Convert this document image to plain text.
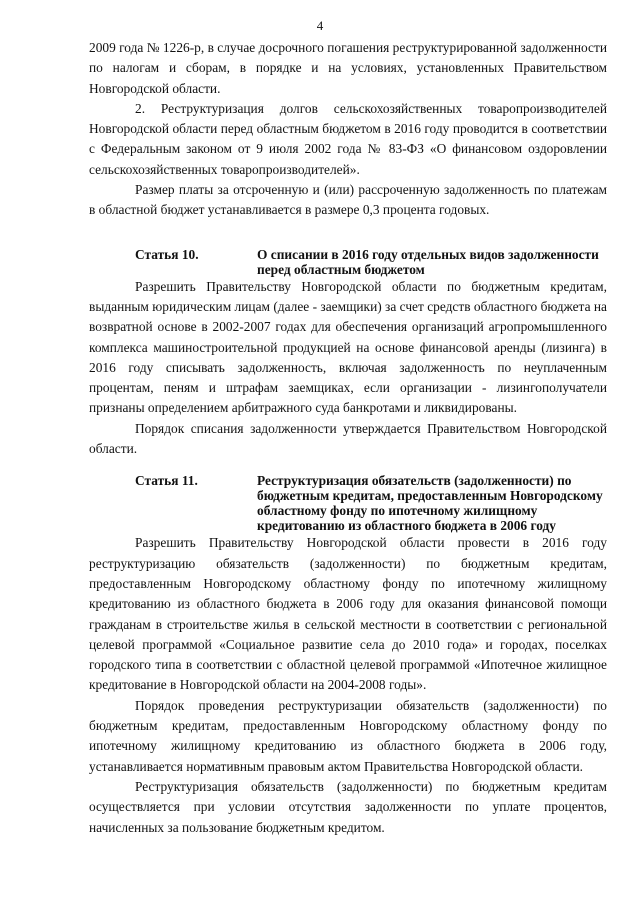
4

2009 года № 1226-р, в случае досрочного погашения реструктурированной задолженности по налогам и сборам, в порядке и на условиях, установленных Правительством Новгородской области.

2. Реструктуризация долгов сельскохозяйственных товаропроизводителей Новгородской области перед областным бюджетом в 2016 году проводится в соответствии с Федеральным законом от 9 июля 2002 года № 83-ФЗ «О финансовом оздоровлении сельскохозяйственных товаропроизводителей».

Размер платы за отсроченную и (или) рассроченную задолженность по платежам в областной бюджет устанавливается в размере 0,3 процента годовых.

Статья 10.	О списании в 2016 году отдельных видов задолженности перед областным бюджетом

Разрешить Правительству Новгородской области по бюджетным кредитам, выданным юридическим лицам (далее - заемщики) за счет средств областного бюджета на возвратной основе в 2002-2007 годах для обеспечения организаций агропромышленного комплекса машиностроительной продукцией на основе финансовой аренды (лизинга) в 2016 году списывать задолженность, включая задолженность по неуплаченным процентам, пеням и штрафам заемщиках, если организации - лизингополучатели признаны определением арбитражного суда банкротами и ликвидированы.

Порядок списания задолженности утверждается Правительством Новгородской области.

Статья 11.	Реструктуризация обязательств (задолженности) по бюджетным кредитам, предоставленным Новгородскому областному фонду по ипотечному жилищному кредитованию из областного бюджета в 2006 году

Разрешить Правительству Новгородской области провести в 2016 году реструктуризацию обязательств (задолженности) по бюджетным кредитам, предоставленным Новгородскому областному фонду по ипотечному жилищному кредитованию из областного бюджета в 2006 году для оказания финансовой помощи гражданам в строительстве жилья в сельской местности в соответствии с региональной целевой программой «Социальное развитие села до 2010 года» и городах, поселках городского типа в соответствии с областной целевой программой «Ипотечное жилищное кредитование в Новгородской области на 2004-2008 годы».

Порядок проведения реструктуризации обязательств (задолженности) по бюджетным кредитам, предоставленным Новгородскому областному фонду по ипотечному жилищному кредитованию из областного бюджета в 2006 году, устанавливается нормативным правовым актом Правительства Новгородской области.

Реструктуризация обязательств (задолженности) по бюджетным кредитам осуществляется при условии отсутствия задолженности по уплате процентов, начисленных за пользование бюджетным кредитом.
